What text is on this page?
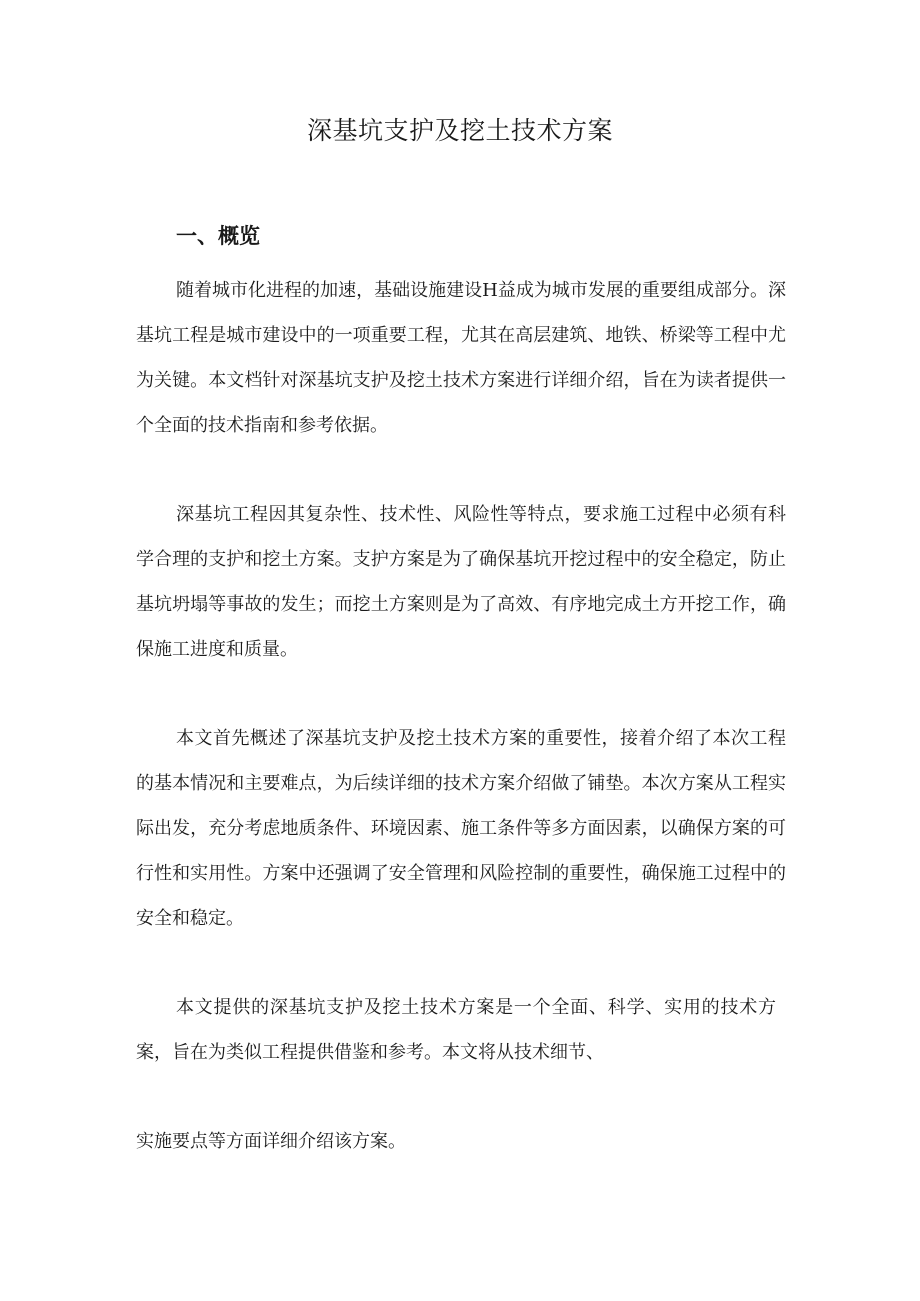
深基坑支护及挖土技术方案
一、概览

随着城市化进程的加速，基础设施建设H益成为城市发展的重要组成部分。深基坑工程是城市建设中的一项重要工程，尤其在高层建筑、地铁、桥梁等工程中尤为关键。本文档针对深基坑支护及挖土技术方案进行详细介绍，旨在为读者提供一个全面的技术指南和参考依据。

深基坑工程因其复杂性、技术性、风险性等特点，要求施工过程中必须有科学合理的支护和挖土方案。支护方案是为了确保基坑开挖过程中的安全稳定，防止基坑坍塌等事故的发生；而挖土方案则是为了高效、有序地完成土方开挖工作，确保施工进度和质量。

本文首先概述了深基坑支护及挖土技术方案的重要性，接着介绍了本次工程的基本情况和主要难点，为后续详细的技术方案介绍做了铺垫。本次方案从工程实际出发，充分考虑地质条件、环境因素、施工条件等多方面因素，以确保方案的可行性和实用性。方案中还强调了安全管理和风险控制的重要性，确保施工过程中的安全和稳定。

本文提供的深基坑支护及挖土技术方案是一个全面、科学、实用的技术方案，旨在为类似工程提供借鉴和参考。本文将从技术细节、

实施要点等方面详细介绍该方案。
